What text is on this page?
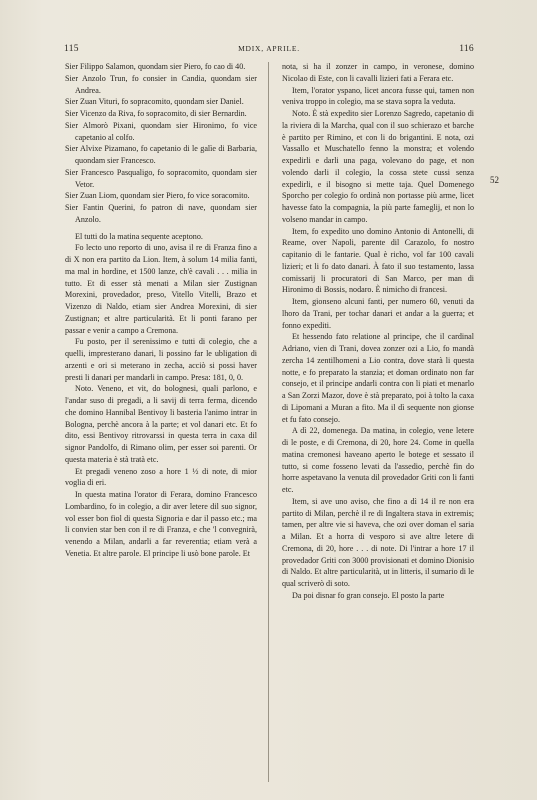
115	MDIX, APRILE.	116

Sier Filippo Salamon, quondam sier Piero, fo cao di 40.

Sier Anzolo Trun, fo consier in Candia, quondam sier Andrea.

Sier Zuan Vituri, fo sopracomito, quondam sier Daniel.

Sier Vicenzo da Riva, fo sopracomito, di sier Bernardin.

Sier Almorò Pixani, quondam sier Hironimo, fo vice capetanio al colfo.

Sier Alvixe Pizamano, fo capetanio di le galìe di Barbaria, quondam sier Francesco.

Sier Francesco Pasqualigo, fo sopracomito, quondam sier Vetor.

Sier Zuan Liom, quondam sier Piero, fo vice soracomito.

Sier Fantin Querini, fo patron di nave, quondam sier Anzolo.

El tutti do la matina sequente aceptono.

Fo lecto uno reporto di uno, avisa il re di Franza fino a di X non era partito da Lion. Item, à solum 14 milia fanti, ma mal in hordine, et 1500 lanze, ch'è cavali . . . milia in tutto. Et di esser stà menati a Milan sier Zustignan Morexini, provedador, preso, Vitello Vitelli, Brazo et Vizenzo di Naldo, etiam sier Andrea Morexini, di sier Zustignan; et altre particularità. Et li ponti farano per passar e venir a campo a Cremona.

Fu posto, per il serenissimo e tutti di colegio, che a quelli, impresterano danari, li possino far le ubligation di arzenti e ori si meterano in zecha, acciò si possi haver presti li danari per mandarli in campo. Presa: 181, 0, 0.

Noto. Veneno, et vit, do bolognesi, quali parlono, e l'andar suso di pregadi, a li savij di terra ferma, dicendo che domino Hannibal Bentivoy li basteria l'animo intrar in Bologna, perchè ancora à la parte; et vol danari etc. Et fo dito, essi Bentivoy ritrovarssi in questa terra in caxa dil signor Pandolfo, di Rimano olim, per esser soi parenti. Or questa materia è stà tratà etc.

Et pregadi veneno zoso a hore 1 ½ di note, di mior voglia di eri.

In questa matina l'orator di Ferara, domino Francesco Lombardino, fo in colegio, a dir aver letere dil suo signor, vol esser bon fiol di questa Signoria e dar il passo etc.; ma li convien star ben con il re di Franza, e che 'l convegnirà, venendo a Milan, andarli a far reverentia; etiam verà a Venetia. Et altre parole. El principe li usò bone parole. Et

nota, si ha il zonzer in campo, in veronese, domino Nicolao di Este, con li cavalli lizieri fati a Ferara etc.

Item, l'orator yspano, licet ancora fusse qui, tamen non veniva troppo in colegio, ma se stava sopra la veduta.

Noto. È stà expedito sier Lorenzo Sagredo, capetanio di la riviera di la Marcha, qual con il suo schierazo et barche è partito per Rimino, et con li do brigantini. E nota, ozi Vassallo et Muschatello fenno la monstra; et volendo expedirli e darli una paga, volevano do page, et non volendo darli il colegio, la cossa stete cussi senza expedirli, e il bisogno si mette taja. Quel Domenego Sporcho per colegio fo ordinà non portasse più arme, licet havesse fato la compagnia, la più parte fameglij, et non lo volseno mandar in campo.

Item, fo expedito uno domino Antonio di Antonelli, di Reame, over Napoli, parente dil Carazolo, fo nostro capitanio di le fantarie. Qual è richo, vol far 100 cavali lizieri; et li fo dato danari. À fato il suo testamento, lassa comissarij li procuratori di San Marco, per man di Hironimo di Bossis, nodaro. È nimicho di francesi.

Item, gionseno alcuni fanti, per numero 60, venuti da lhoro da Trani, per tochar danari et andar a la guerra; et fonno expediti.

Et hessendo fato relatione al principe, che il cardinal Adriano, vien di Trani, dovea zonzer ozi a Lio, fo mandà zercha 14 zentilhomeni a Lio contra, dove starà li questa notte, e fo preparato la stanzia; et doman ordinato non far consejo, et il principe andarli contra con li piati et menarlo a San Zorzi Mazor, dove è stà preparato, poi à tolto la caxa di Lipomani a Muran a fito. Ma il dì sequente non gionse et fu fato consejo.

A dì 22, domenega. Da matina, in colegio, vene letere di le poste, e di Cremona, di 20, hore 24. Come in quella matina cremonesi haveano aperto le botege et sessato il tutto, si come fosseno levati da l'assedio, perchè fin do horre aspetavano la venuta dil provedador Griti con li fanti etc.

Item, si ave uno aviso, che fino a dì 14 il re non era partito di Milan, perchè il re di Ingaltera stava in extremis; tamen, per altre vie si haveva, che ozi over doman el saria a Milan. Et a horra di vesporo si ave altre letere di Cremona, di 20, hore . . . di note. Di l'intrar a hore 17 il provedador Griti con 3000 provisionati et domino Dionisio di Naldo. Et altre particularità, ut in litteris, il sumario di le qual scriverò di soto.

Da poi disnar fo gran consejo. El posto la parte

52
